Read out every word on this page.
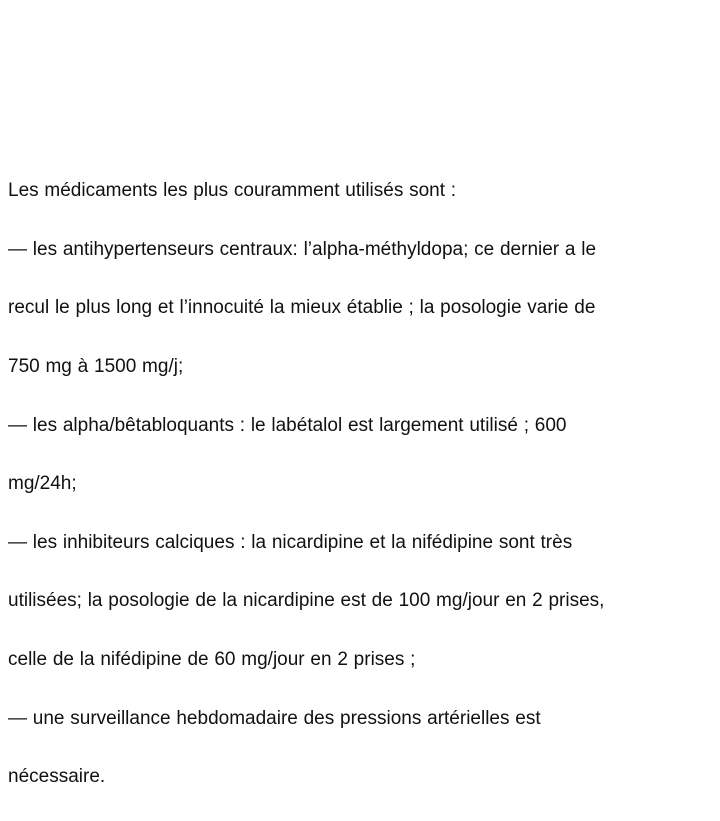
Les médicaments les plus couramment utilisés sont :

— les antihypertenseurs centraux: l’alpha-méthyldopa; ce dernier a le

recul le plus long et l’innocuité la mieux établie ; la posologie varie de

750 mg à 1500 mg/j;

— les alpha/bêtabloquants : le labétalol est largement utilisé ; 600

mg/24h;

— les inhibiteurs calciques : la nicardipine et la nifédipine sont très

utilisées; la posologie de la nicardipine est de 100 mg/jour en 2 prises,

celle de la nifédipine de 60 mg/jour en 2 prises ;

— une surveillance hebdomadaire des pressions artérielles est

nécessaire.
